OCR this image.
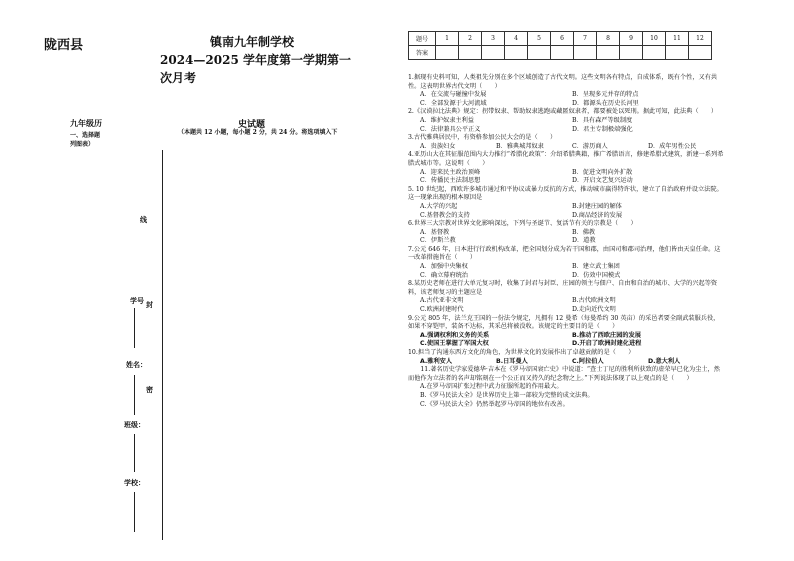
陇西县	镇南九年制学校
2024—2025 学年度第一学期第一
次月考
九年级历
一、选择题
列图表）
史试题
（本题共 12 小题，每小题 2 分，共 24 分。将选项填入下
线
封
密
学号
姓名：
班级：
学校：
题号	1	2	3	4	5	6	7	8	9	10	11	12
答案												

1.据现有史料可知，人类祖先分别在多个区域创造了古代文明。这些文明各有特点，自成体系，既有个性，又有共性。这表明世界古代文明（　　）

A．在交流与碰撞中发展	B．呈现多元并存的特点
C．全部发源于大河流域	D．都源头在历史长河里

2.《汉谟拉比法典》规定：拐带奴隶、帮助奴隶逃跑或藏匿奴隶者，都要被处以死刑。据此可知，此法典（　　）

A．维护奴隶主利益	B．具有森严等级制度
C．法律兼具公平正义	D．君主专制极端强化

3.古代雅典居民中，有资格参加公民大会的是（　　）

A．贵族妇女	B．雅典城邦奴隶	C．游历商人	D．成年男性公民

4.亚历山大在其征服范围内大力推行“希腊化政策”：介绍希腊典籍，推广希腊语言，修建希腊式建筑，新建一系列希腊式城市等。这说明（　　）

A．迎来民主政治顶峰	B．促进文明向外扩散
C．传播民主法制思想	D．开启文艺复兴运动

5. 10 世纪起，西欧许多城市通过和平协议或暴力反抗的方式，推动城市赢得特许状，建立了自治政府并设立法院。这一现象出现的根本原因是

A.大学的兴起	B.封建庄园的解体
C.基督教会的支持	D.商品经济的发展

6.世界三大宗教对世界文化影响深远，下列与圣诞节、复活节有关的宗教是（　　）

A．基督教	B．佛教
C．伊斯兰教	D．道教

7.公元 646 年，日本进行行政机构改革，把全国划分成为若干国和郡，由国司和郡司治理，他们皆由天皇任命。这一改革措施旨在（　　）

A．加强中央集权	B．建立武士集团
C．确立幕府统治	D．仿效中国模式

8.某历史老师在进行大单元复习时，收集了封君与封臣、庄园的领主与佃户、自由和自治的城市、大学的兴起等资料，该老师复习的主题应是

A.古代亚非文明	B.古代欧洲文明
C.欧洲封建时代	D.走向近代文明

9.公元 805 年，法兰克王国的一份法令规定，凡拥有 12 曼希（每曼希约 30 英亩）的采邑者要全副武装服兵役，如果不穿铠甲，装备不达标，其采邑将被没收。该规定的主要目的是（　　）

A.强调权利和义务的关系	B.推动了西欧庄园的发展
C.使国王掌握了军国大权	D.开启了欧洲封建化进程

10.担当了沟通东西方文化的角色，为世界文化的发展作出了卓越贡献的是（　　）

A.雅利安人	B.日耳曼人	C.阿拉伯人	D.意大利人

　　11.著名历史学家爱德华·吉本在《罗马帝国衰亡史》中说道：“查士丁尼的胜利所获致的虚荣早已化为尘土，然而他作为立法者的名声却铭刻在一个公正而又持久的纪念物之上。”下列说法体现了以上观点的是（　　）

A.在罗马帝国扩张过程中武力征服所起的作用最大。
B.《罗马民法大全》是世界历史上第一部较为完整的成文法典。
C.《罗马民法大全》仍然举起罗马帝国的地位有改善。
